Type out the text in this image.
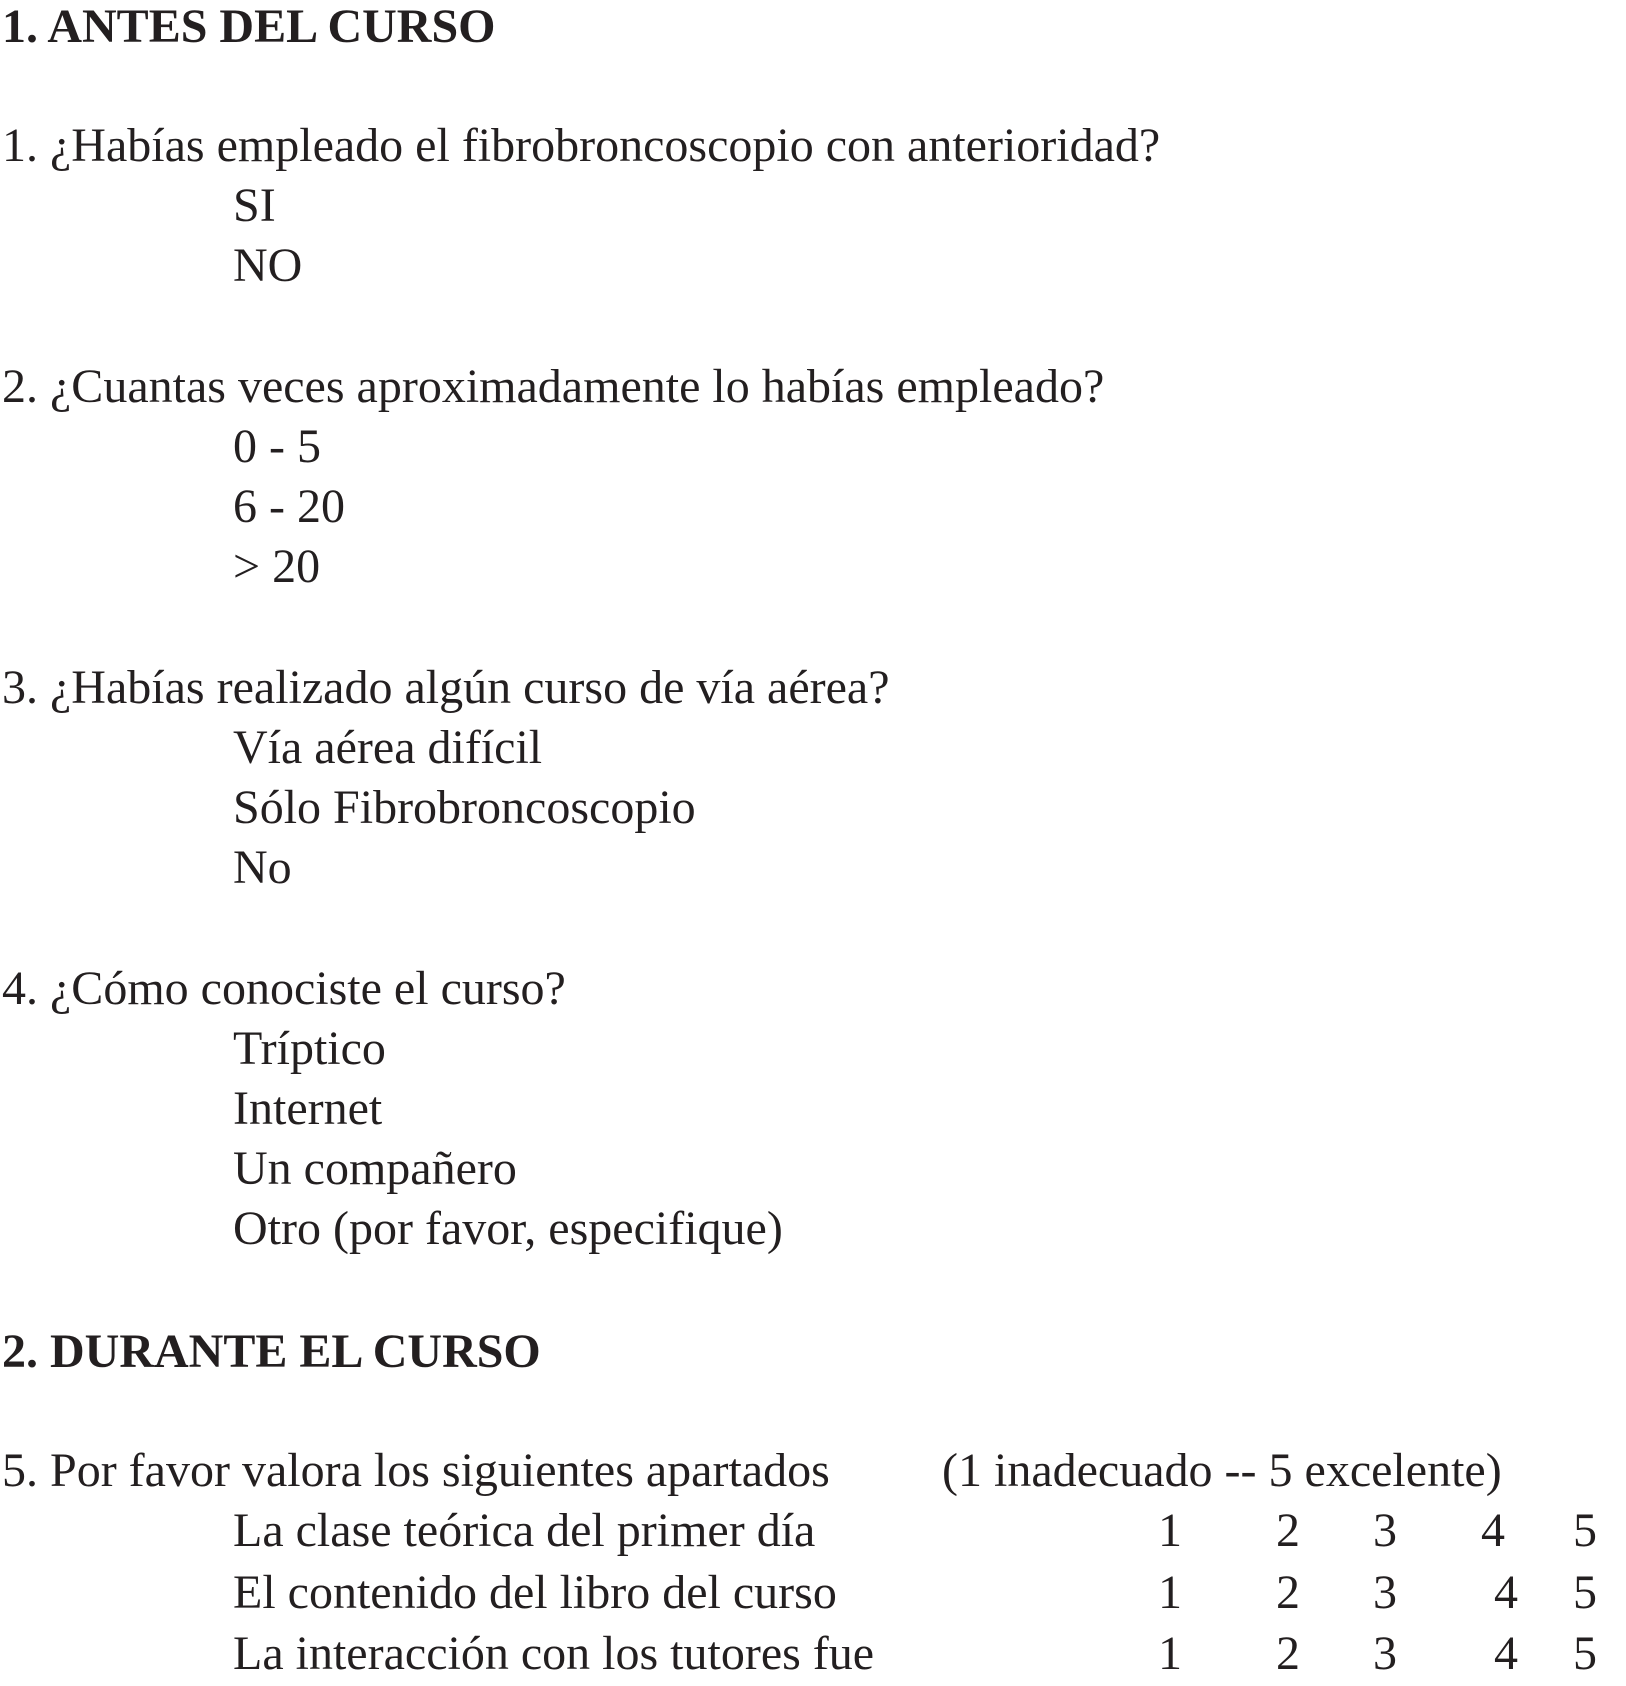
1. ANTES DEL CURSO
1. ¿Habías empleado el fibrobroncoscopio con anterioridad?
SI
NO
2. ¿Cuantas veces aproximadamente lo habías empleado?
0 - 5
6 - 20
> 20
3. ¿Habías realizado algún curso de vía aérea?
Vía aérea difícil
Sólo Fibrobroncoscopio
No
4. ¿Cómo conociste el curso?
Tríptico
Internet
Un compañero
Otro (por favor, especifique)
2. DURANTE EL CURSO
5. Por favor valora los siguientes apartados (1 inadecuado -- 5 excelente)
La clase teórica del primer día	1 2 3 4 5
El contenido del libro del curso	1 2 3 4 5
La interacción con los tutores fue	1 2 3 4 5
